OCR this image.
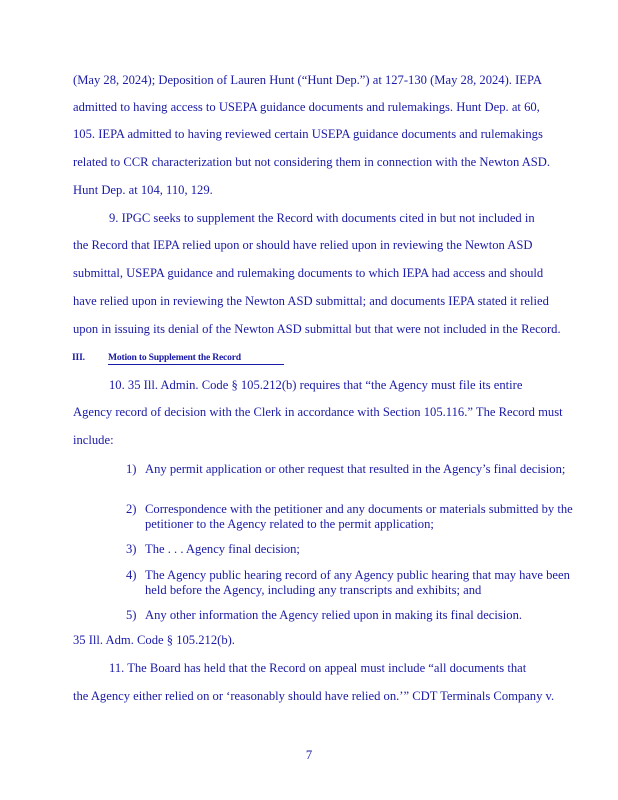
(May 28, 2024); Deposition of Lauren Hunt (“Hunt Dep.”) at 127-130 (May 28, 2024). IEPA
admitted to having access to USEPA guidance documents and rulemakings. Hunt Dep. at 60,
105. IEPA admitted to having reviewed certain USEPA guidance documents and rulemakings
related to CCR characterization but not considering them in connection with the Newton ASD.
Hunt Dep. at 104, 110, 129.
9. IPGC seeks to supplement the Record with documents cited in but not included in
the Record that IEPA relied upon or should have relied upon in reviewing the Newton ASD
submittal, USEPA guidance and rulemaking documents to which IEPA had access and should
have relied upon in reviewing the Newton ASD submittal; and documents IEPA stated it relied
upon in issuing its denial of the Newton ASD submittal but that were not included in the Record.
III. Motion to Supplement the Record
10. 35 Ill. Admin. Code § 105.212(b) requires that “the Agency must file its entire
Agency record of decision with the Clerk in accordance with Section 105.116.” The Record must
include:
1) Any permit application or other request that resulted in the Agency’s final decision;
2) Correspondence with the petitioner and any documents or materials submitted by the petitioner to the Agency related to the permit application;
3) The . . . Agency final decision;
4) The Agency public hearing record of any Agency public hearing that may have been held before the Agency, including any transcripts and exhibits; and
5) Any other information the Agency relied upon in making its final decision.
35 Ill. Adm. Code § 105.212(b).
11. The Board has held that the Record on appeal must include “all documents that
the Agency either relied on or ‘reasonably should have relied on.’” CDT Terminals Company v.
7
